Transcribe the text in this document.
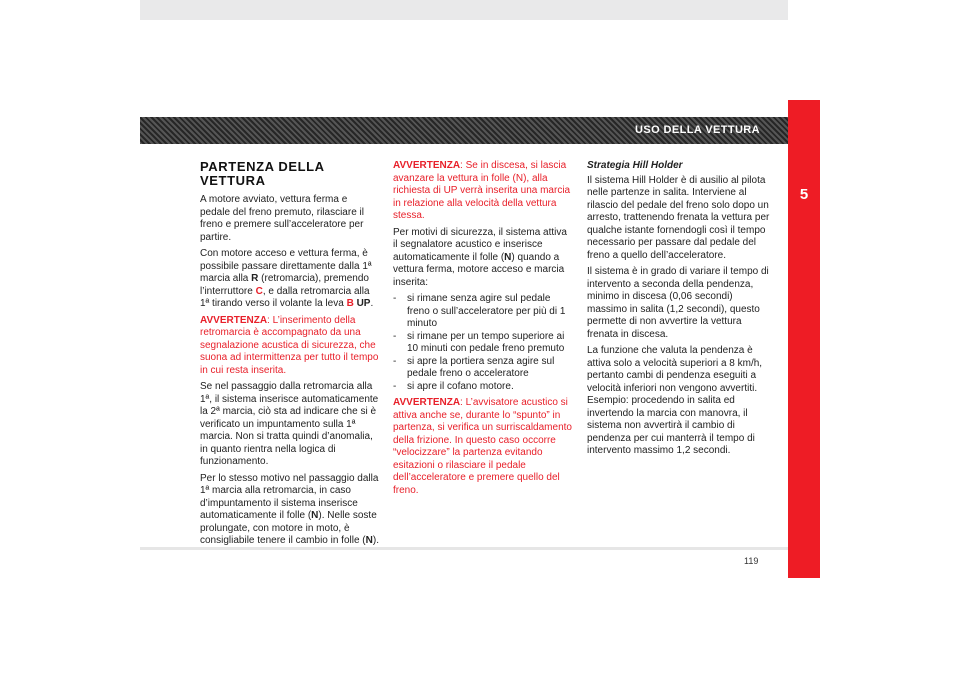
USO DELLA VETTURA
5
PARTENZA DELLA VETTURA

A motore avviato, vettura ferma e pedale del freno premuto, rilasciare il freno e premere sull’acceleratore per partire.

Con motore acceso e vettura ferma, è possibile passare direttamente dalla 1ª marcia alla R (retromarcia), premendo l’interruttore C, e dalla retromarcia alla 1ª tirando verso il volante la leva B UP.

AVVERTENZA: L’inserimento della retromarcia è accompagnato da una segnalazione acustica di sicurezza, che suona ad intermittenza per tutto il tempo in cui resta inserita.

Se nel passaggio dalla retromarcia alla 1ª, il sistema inserisce automaticamente la 2ª marcia, ciò sta ad indicare che si è verificato un impuntamento sulla 1ª marcia. Non si tratta quindi d’anomalia, in quanto rientra nella logica di funzionamento.

Per lo stesso motivo nel passaggio dalla 1ª marcia alla retromarcia, in caso d’impuntamento il sistema inserisce automaticamente il folle (N). Nelle soste prolungate, con motore in moto, è consigliabile tenere il cambio in folle (N).

AVVERTENZA: Se in discesa, si lascia avanzare la vettura in folle (N), alla richiesta di UP verrà inserita una marcia in relazione alla velocità della vettura stessa.

Per motivi di sicurezza, il sistema attiva il segnalatore acustico e inserisce automaticamente il folle (N) quando a vettura ferma, motore acceso e marcia inserita:

- si rimane senza agire sul pedale freno o sull’acceleratore per più di 1 minuto
- si rimane per un tempo superiore ai 10 minuti con pedale freno premuto
- si apre la portiera senza agire sul pedale freno o acceleratore
- si apre il cofano motore.

AVVERTENZA: L’avvisatore acustico si attiva anche se, durante lo “spunto” in partenza, si verifica un surriscaldamento della frizione. In questo caso occorre “velocizzare” la partenza evitando esitazioni o rilasciare il pedale dell’acceleratore e premere quello del freno.

Strategia Hill Holder

Il sistema Hill Holder è di ausilio al pilota nelle partenze in salita. Interviene al rilascio del pedale del freno solo dopo un arresto, trattenendo frenata la vettura per qualche istante fornendogli così il tempo necessario per passare dal pedale del freno a quello dell’acceleratore.

Il sistema è in grado di variare il tempo di intervento a seconda della pendenza, minimo in discesa (0,06 secondi) massimo in salita (1,2 secondi), questo permette di non avvertire la vettura frenata in discesa.

La funzione che valuta la pendenza è attiva solo a velocità superiori a 8 km/h, pertanto cambi di pendenza eseguiti a velocità inferiori non vengono avvertiti. Esempio: procedendo in salita ed invertendo la marcia con manovra, il sistema non avvertirà il cambio di pendenza per cui manterrà il tempo di intervento massimo 1,2 secondi.

119
